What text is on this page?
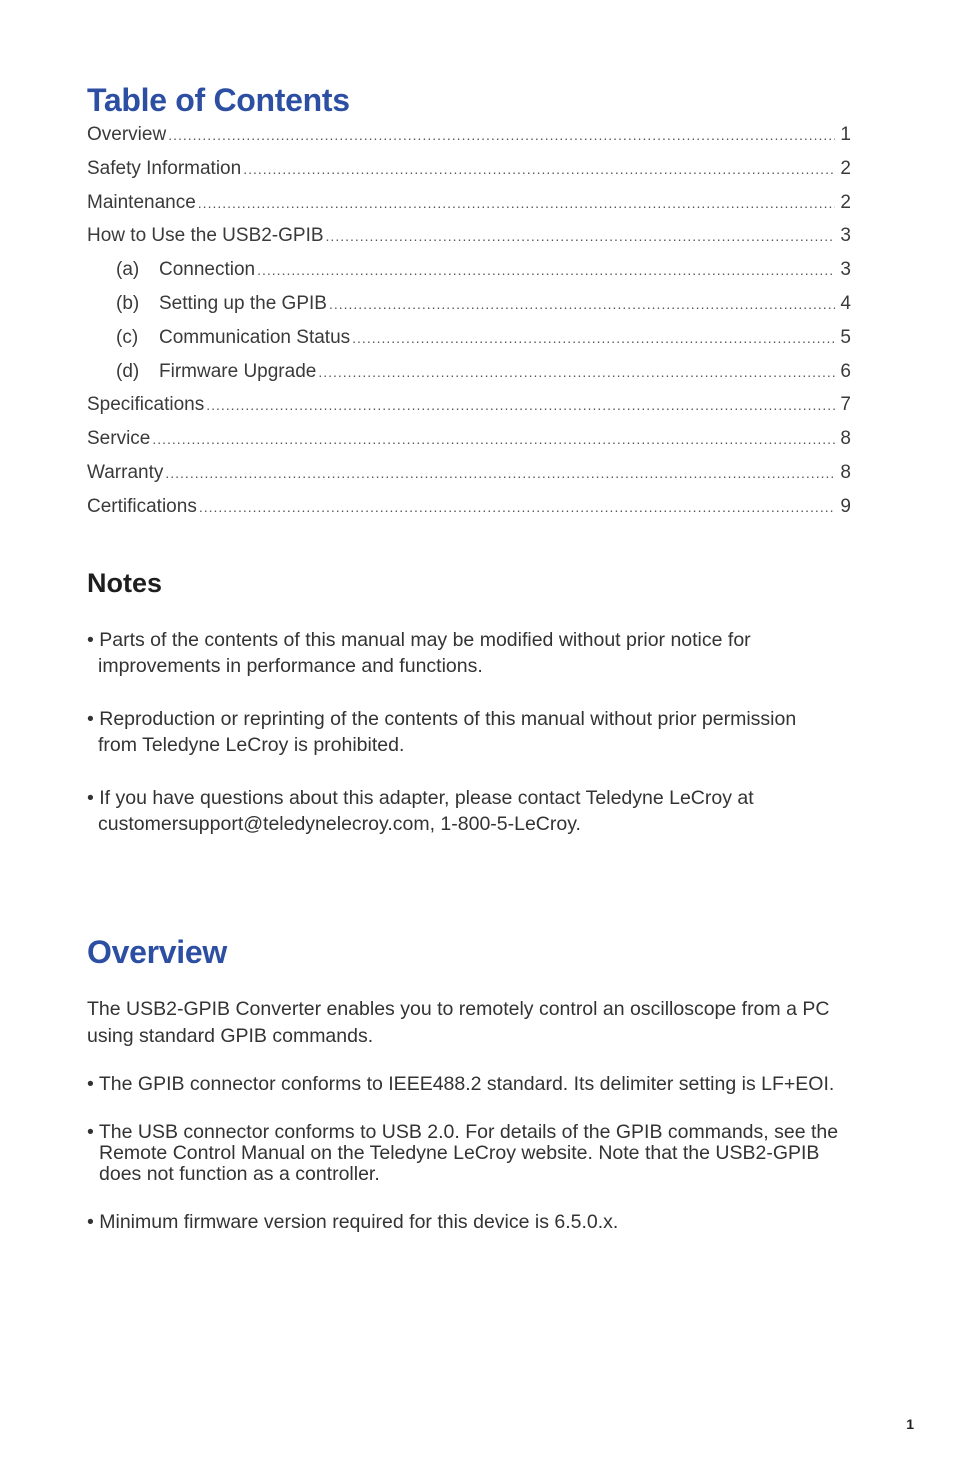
Table of Contents
Overview .....	1
Safety Information .....	2
Maintenance .....	2
How to Use the USB2-GPIB .....	3
(a)	Connection .....	3
(b)	Setting up the GPIB .....	4
(c)	Communication Status .....	5
(d)	Firmware Upgrade .....	6
Specifications .....	7
Service .....	8
Warranty .....	8
Certifications .....	9
Notes

• Parts of the contents of this manual may be modified without prior notice for improvements in performance and functions.

• Reproduction or reprinting of the contents of this manual without prior permission from Teledyne LeCroy is prohibited.

• If you have questions about this adapter, please contact Teledyne LeCroy at customersupport@teledynelecroy.com, 1-800-5-LeCroy.

Overview

The USB2-GPIB Converter enables you to remotely control an oscilloscope from a PC using standard GPIB commands.

• The GPIB connector conforms to IEEE488.2 standard. Its delimiter setting is LF+EOI.

• The USB connector conforms to USB 2.0. For details of the GPIB commands, see the Remote Control Manual on the Teledyne LeCroy website. Note that the USB2-GPIB does not function as a controller.

• Minimum firmware version required for this device is 6.5.0.x.

1
